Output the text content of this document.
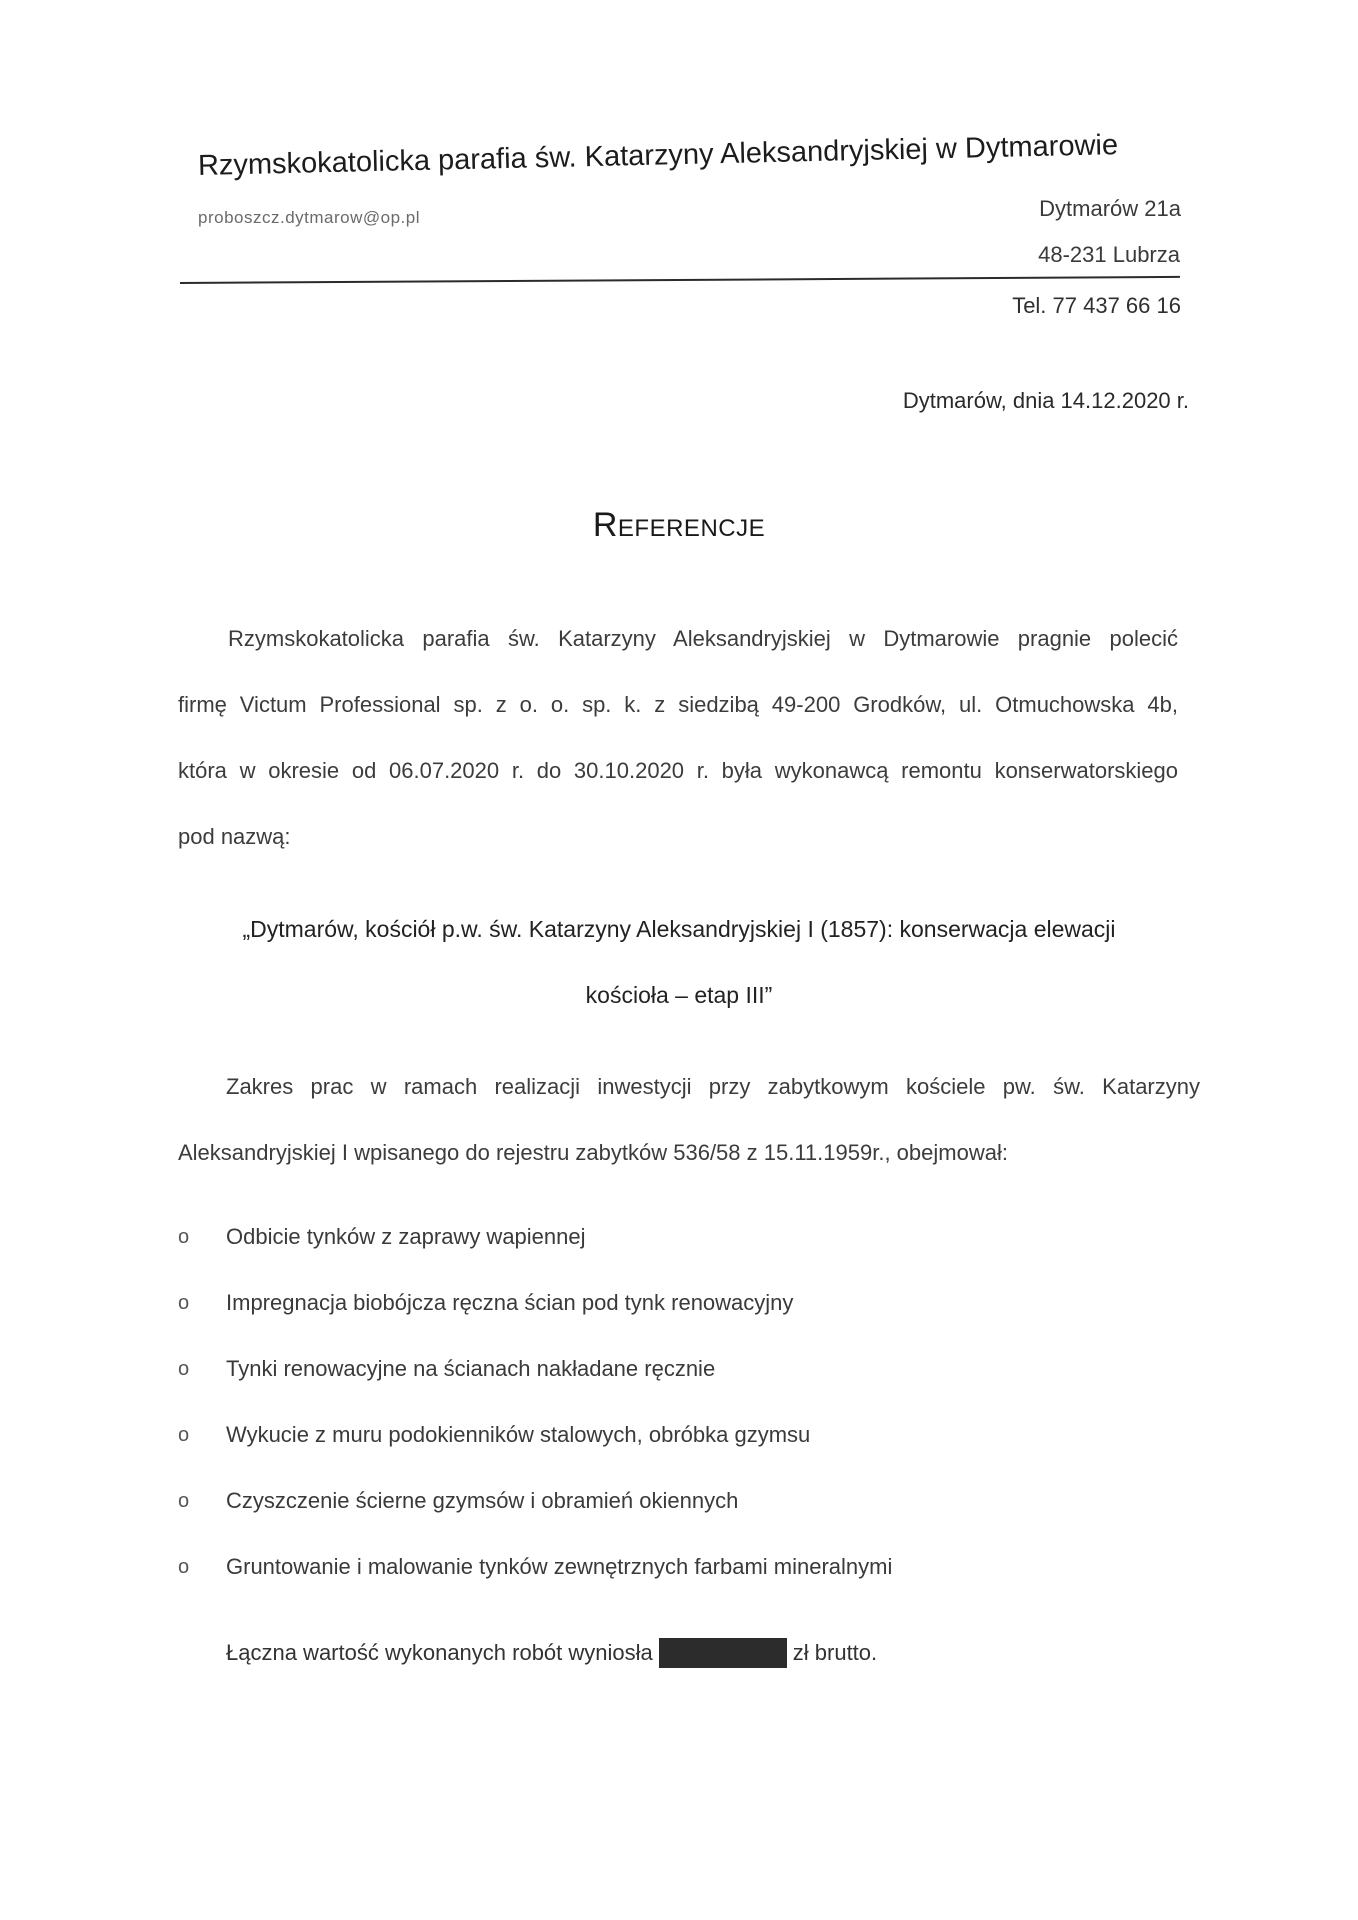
Rzymskokatolicka parafia św. Katarzyny Aleksandryjskiej w Dytmarowie
proboszcz.dytmarow@op.pl	Dytmarów 21a
48-231 Lubrza
Tel. 77 437 66 16
Dytmarów, dnia 14.12.2020 r.
Referencje
Rzymskokatolicka parafia św. Katarzyny Aleksandryjskiej w Dytmarowie pragnie polecić
firmę Victum Professional sp. z o. o. sp. k. z siedzibą 49-200 Grodków, ul. Otmuchowska 4b,
która w okresie od 06.07.2020 r. do 30.10.2020 r. była wykonawcą remontu konserwatorskiego
pod nazwą:
„Dytmarów, kościół p.w. św. Katarzyny Aleksandryjskiej I (1857): konserwacja elewacji
kościoła – etap III”
Zakres prac w ramach realizacji inwestycji przy zabytkowym kościele pw. św. Katarzyny
Aleksandryjskiej I wpisanego do rejestru zabytków 536/58 z 15.11.1959r., obejmował:
o	Odbicie tynków z zaprawy wapiennej
o	Impregnacja biobójcza ręczna ścian pod tynk renowacyjny
o	Tynki renowacyjne na ścianach nakładane ręcznie
o	Wykucie z muru podokienników stalowych, obróbka gzymsu
o	Czyszczenie ścierne gzymsów i obramień okiennych
o	Gruntowanie i malowanie tynków zewnętrznych farbami mineralnymi
Łączna wartość wykonanych robót wyniosła	zł brutto.
